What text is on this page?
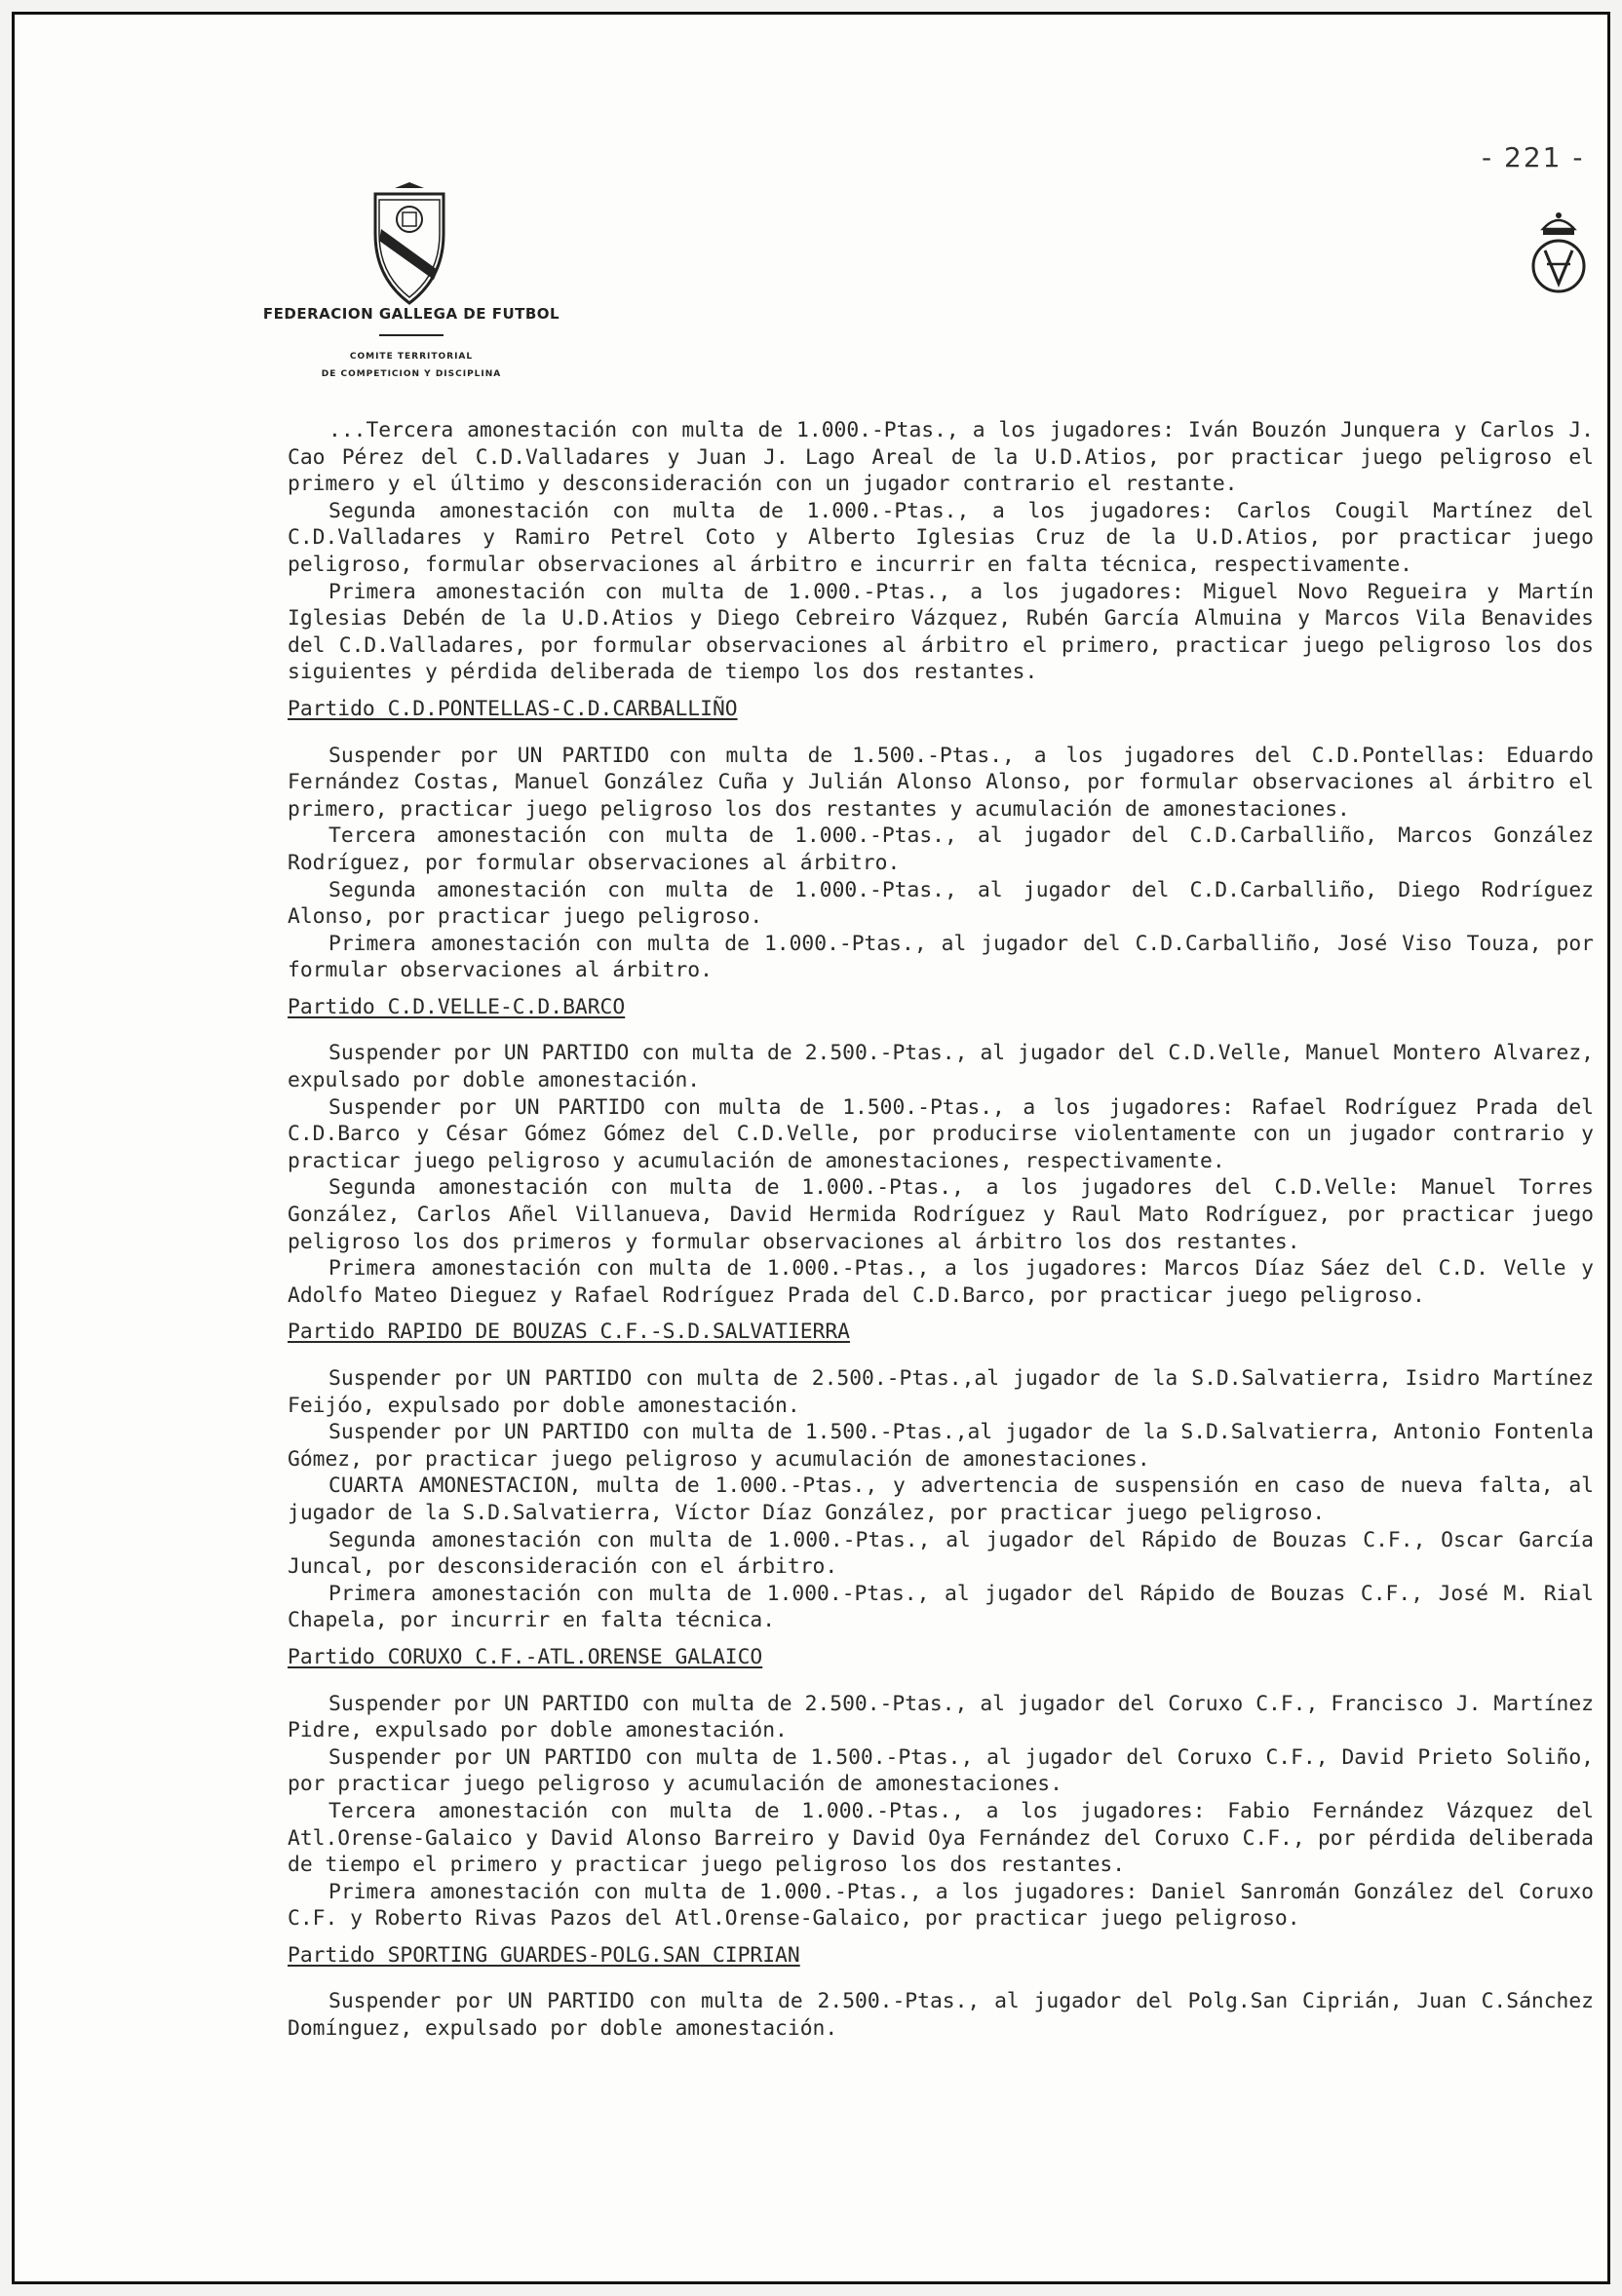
- 221 -
FEDERACION GALLEGA DE FUTBOL
COMITE TERRITORIAL
DE COMPETICION Y DISCIPLINA

...Tercera amonestación con multa de 1.000.-Ptas., a los jugadores: Iván Bouzón Junquera y Carlos J. Cao Pérez del C.D.Valladares y Juan J. Lago Areal de la U.D.Atios, por practicar juego peligroso el primero y el último y desconsideración con un jugador contrario el restante.

Segunda amonestación con multa de 1.000.-Ptas., a los jugadores: Carlos Cougil Martínez del C.D.Valladares y Ramiro Petrel Coto y Alberto Iglesias Cruz de la U.D.Atios, por practicar juego peligroso, formular observaciones al árbitro e incurrir en falta técnica, respectivamente.

Primera amonestación con multa de 1.000.-Ptas., a los jugadores: Miguel Novo Regueira y Martín Iglesias Debén de la U.D.Atios y Diego Cebreiro Vázquez, Rubén García Almuina y Marcos Vila Benavides del C.D.Valladares, por formular observaciones al árbitro el primero, practicar juego peligroso los dos siguientes y pérdida deliberada de tiempo los dos restantes.

Partido C.D.PONTELLAS-C.D.CARBALLIÑO

Suspender por UN PARTIDO con multa de 1.500.-Ptas., a los jugadores del C.D.Pontellas: Eduardo Fernández Costas, Manuel González Cuña y Julián Alonso Alonso, por formular observaciones al árbitro el primero, practicar juego peligroso los dos restantes y acumulación de amonestaciones.

Tercera amonestación con multa de 1.000.-Ptas., al jugador del C.D.Carballiño, Marcos González Rodríguez, por formular observaciones al árbitro.

Segunda amonestación con multa de 1.000.-Ptas., al jugador del C.D.Carballiño, Diego Rodríguez Alonso, por practicar juego peligroso.

Primera amonestación con multa de 1.000.-Ptas., al jugador del C.D.Carballiño, José Viso Touza, por formular observaciones al árbitro.

Partido C.D.VELLE-C.D.BARCO

Suspender por UN PARTIDO con multa de 2.500.-Ptas., al jugador del C.D.Velle, Manuel Montero Alvarez, expulsado por doble amonestación.

Suspender por UN PARTIDO con multa de 1.500.-Ptas., a los jugadores: Rafael Rodríguez Prada del C.D.Barco y César Gómez Gómez del C.D.Velle, por producirse violentamente con un jugador contrario y practicar juego peligroso y acumulación de amonestaciones, respectivamente.

Segunda amonestación con multa de 1.000.-Ptas., a los jugadores del C.D.Velle: Manuel Torres González, Carlos Añel Villanueva, David Hermida Rodríguez y Raul Mato Rodríguez, por practicar juego peligroso los dos primeros y formular observaciones al árbitro los dos restantes.

Primera amonestación con multa de 1.000.-Ptas., a los jugadores: Marcos Díaz Sáez del C.D. Velle y Adolfo Mateo Dieguez y Rafael Rodríguez Prada del C.D.Barco, por practicar juego peligroso.

Partido RAPIDO DE BOUZAS C.F.-S.D.SALVATIERRA

Suspender por UN PARTIDO con multa de 2.500.-Ptas.,al jugador de la S.D.Salvatierra, Isidro Martínez Feijóo, expulsado por doble amonestación.

Suspender por UN PARTIDO con multa de 1.500.-Ptas.,al jugador de la S.D.Salvatierra, Antonio Fontenla Gómez, por practicar juego peligroso y acumulación de amonestaciones.

CUARTA AMONESTACION, multa de 1.000.-Ptas., y advertencia de suspensión en caso de nueva falta, al jugador de la S.D.Salvatierra, Víctor Díaz González, por practicar juego peligroso.

Segunda amonestación con multa de 1.000.-Ptas., al jugador del Rápido de Bouzas C.F., Oscar García Juncal, por desconsideración con el árbitro.

Primera amonestación con multa de 1.000.-Ptas., al jugador del Rápido de Bouzas C.F., José M. Rial Chapela, por incurrir en falta técnica.

Partido CORUXO C.F.-ATL.ORENSE GALAICO

Suspender por UN PARTIDO con multa de 2.500.-Ptas., al jugador del Coruxo C.F., Francisco J. Martínez Pidre, expulsado por doble amonestación.

Suspender por UN PARTIDO con multa de 1.500.-Ptas., al jugador del Coruxo C.F., David Prieto Soliño, por practicar juego peligroso y acumulación de amonestaciones.

Tercera amonestación con multa de 1.000.-Ptas., a los jugadores: Fabio Fernández Vázquez del Atl.Orense-Galaico y David Alonso Barreiro y David Oya Fernández del Coruxo C.F., por pérdida deliberada de tiempo el primero y practicar juego peligroso los dos restantes.

Primera amonestación con multa de 1.000.-Ptas., a los jugadores: Daniel Sanromán González del Coruxo C.F. y Roberto Rivas Pazos del Atl.Orense-Galaico, por practicar juego peligroso.

Partido SPORTING GUARDES-POLG.SAN CIPRIAN

Suspender por UN PARTIDO con multa de 2.500.-Ptas., al jugador del Polg.San Ciprián, Juan C.Sánchez Domínguez, expulsado por doble amonestación.
